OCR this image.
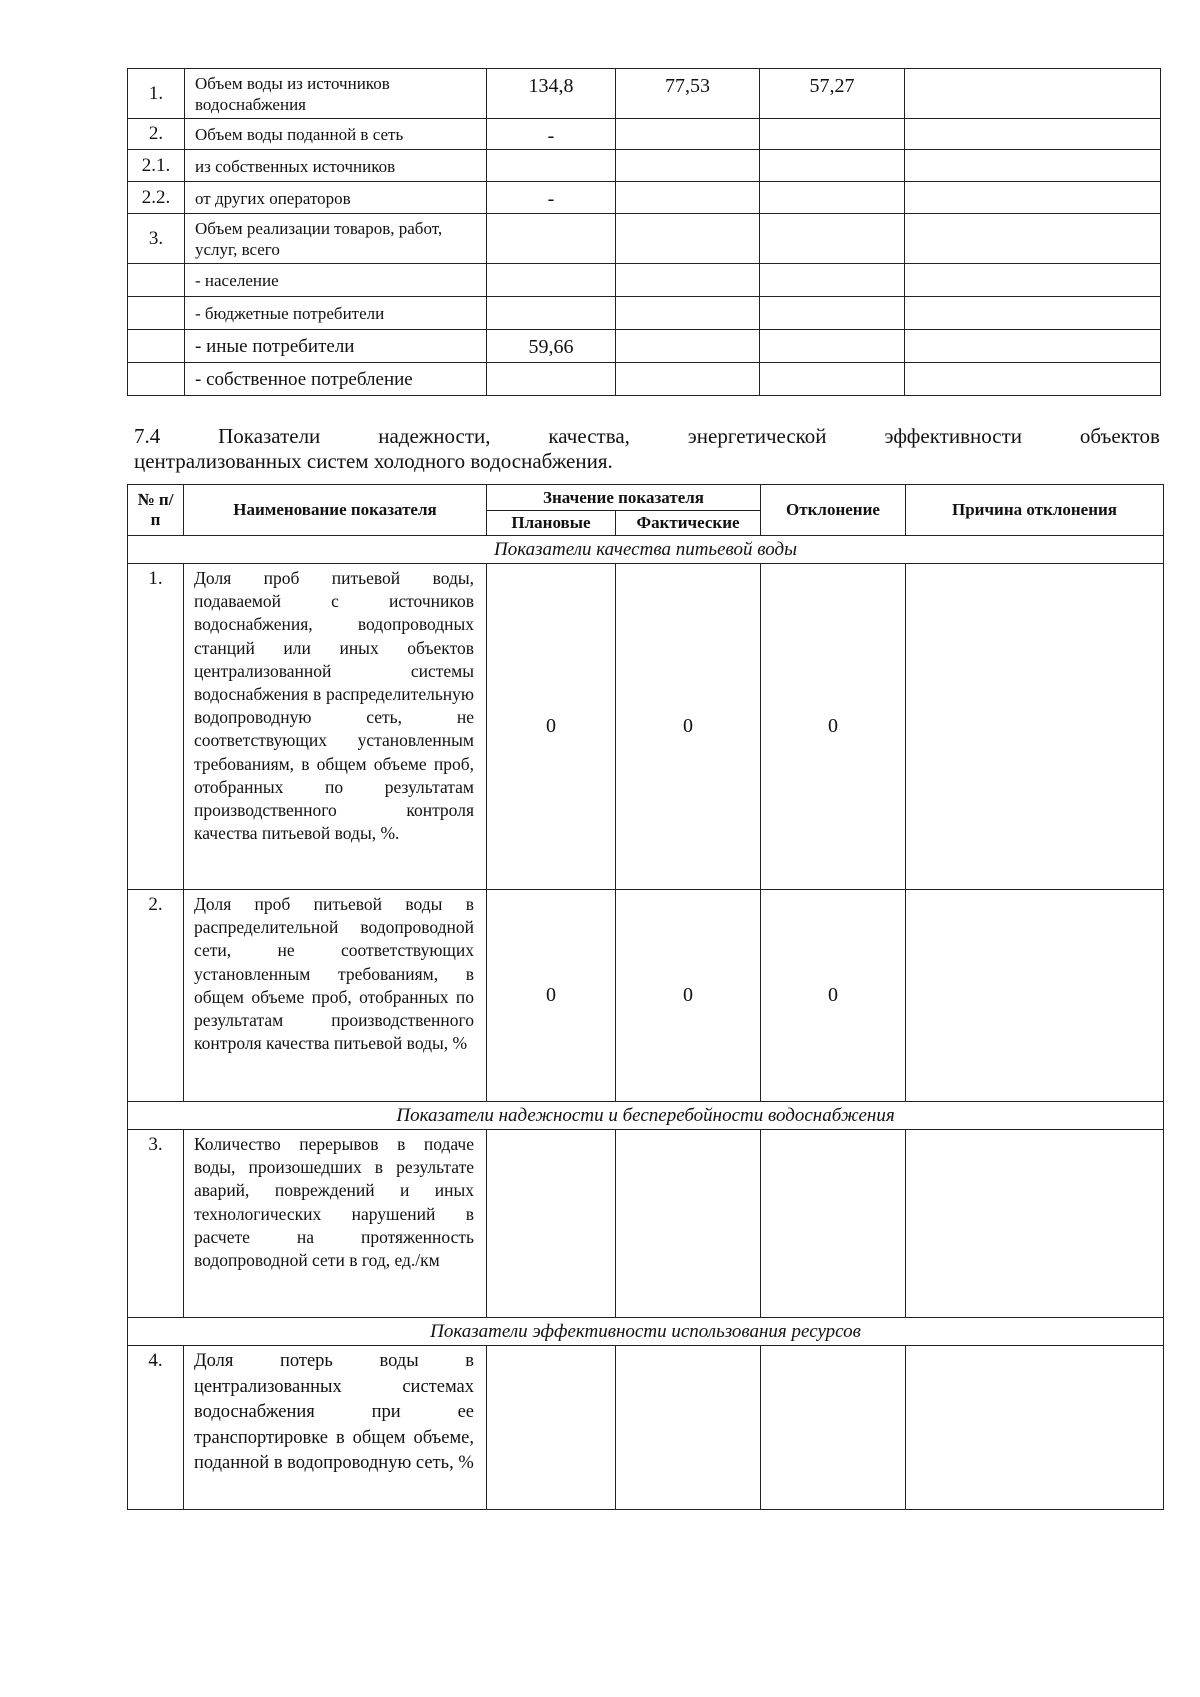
1.	Объем воды из источников водоснабжения	134,8	77,53	57,27	
2.	Объем воды поданной в сеть	-			
2.1.	из собственных источников				
2.2.	от других операторов	-			
3.	Объем реализации товаров, работ, услуг, всего				
	- население				
	- бюджетные потребители				
	- иные потребители	59,66			
	- собственное потребление				
7.4	Показатели	надежности,	качества,	энергетической	эффективности	объектов
централизованных систем холодного водоснабжения.
№ п/п	Наименование показателя	Значение показателя		Отклонение	Причина отклонения
		Плановые	Фактические		
Показатели качества питьевой воды					
1.	Доля проб питьевой воды, подаваемой с источников водоснабжения, водопроводных станций или иных объектов централизованной системы водоснабжения в распределительную водопроводную сеть, не соответствующих установленным требованиям, в общем объеме проб, отобранных по результатам производственного контроля качества питьевой воды, %.	0	0	0	
2.	Доля проб питьевой воды в распределительной водопроводной сети, не соответствующих установленным требованиям, в общем объеме проб, отобранных по результатам производственного контроля качества питьевой воды, %	0	0	0	
Показатели надежности и бесперебойности водоснабжения					
3.	Количество перерывов в подаче воды, произошедших в результате аварий, повреждений и иных технологических нарушений в расчете на протяженность водопроводной сети в год, ед./км				
Показатели эффективности использования ресурсов					
4.	Доля потерь воды в централизованных системах водоснабжения при ее транспортировке в общем объеме, поданной в водопроводную сеть, %				
